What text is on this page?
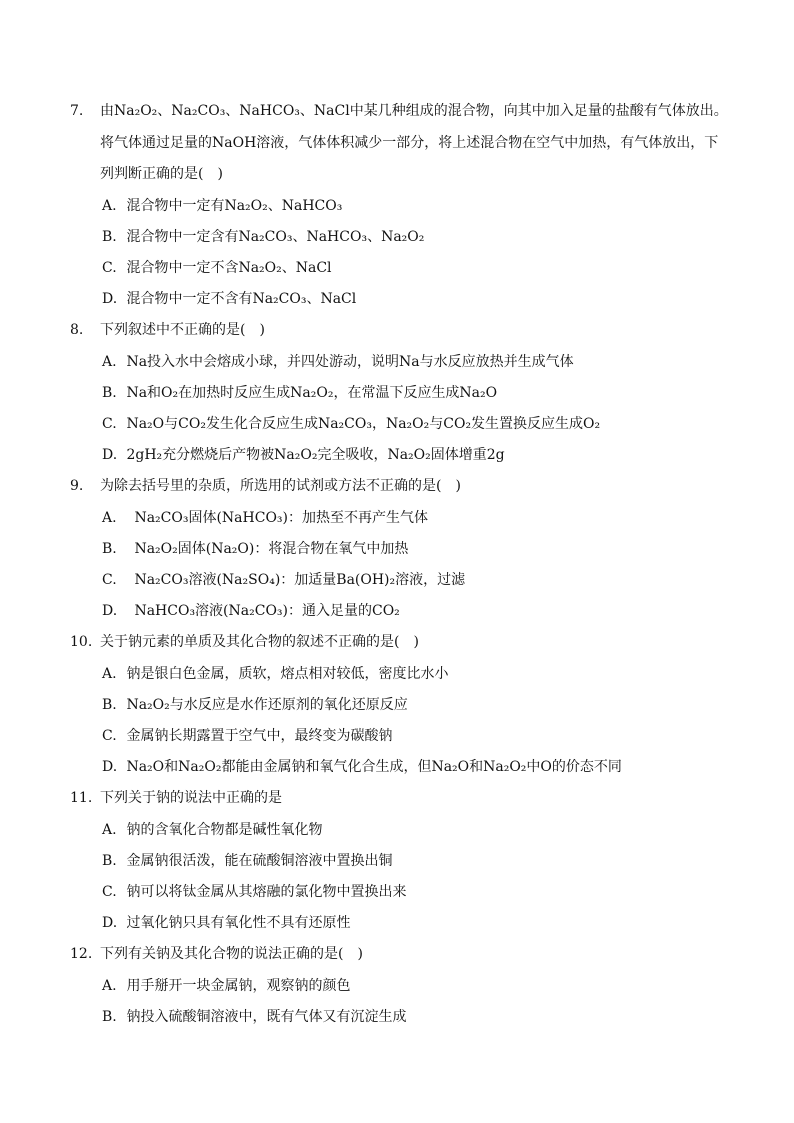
7. 由Na₂O₂、Na₂CO₃、NaHCO₃、NaCl中某几种组成的混合物，向其中加入足量的盐酸有气体放出。将气体通过足量的NaOH溶液，气体体积减少一部分，将上述混合物在空气中加热，有气体放出，下列判断正确的是(　)
A. 混合物中一定有Na₂O₂、NaHCO₃
B. 混合物中一定含有Na₂CO₃、NaHCO₃、Na₂O₂
C. 混合物中一定不含Na₂O₂、NaCl
D. 混合物中一定不含有Na₂CO₃、NaCl
8. 下列叙述中不正确的是(　)
A. Na投入水中会熔成小球，并四处游动，说明Na与水反应放热并生成气体
B. Na和O₂在加热时反应生成Na₂O₂，在常温下反应生成Na₂O
C. Na₂O与CO₂发生化合反应生成Na₂CO₃，Na₂O₂与CO₂发生置换反应生成O₂
D. 2gH₂充分燃烧后产物被Na₂O₂完全吸收，Na₂O₂固体增重2g
9. 为除去括号里的杂质，所选用的试剂或方法不正确的是(　)
A. Na₂CO₃固体(NaHCO₃)：加热至不再产生气体
B. Na₂O₂固体(Na₂O)：将混合物在氧气中加热
C. Na₂CO₃溶液(Na₂SO₄)：加适量Ba(OH)₂溶液，过滤
D. NaHCO₃溶液(Na₂CO₃)：通入足量的CO₂
10. 关于钠元素的单质及其化合物的叙述不正确的是(　)
A. 钠是银白色金属，质软，熔点相对较低，密度比水小
B. Na₂O₂与水反应是水作还原剂的氧化还原反应
C. 金属钠长期露置于空气中，最终变为碳酸钠
D. Na₂O和Na₂O₂都能由金属钠和氧气化合生成，但Na₂O和Na₂O₂中O的价态不同
11. 下列关于钠的说法中正确的是
A. 钠的含氧化合物都是碱性氧化物
B. 金属钠很活泼，能在硫酸铜溶液中置换出铜
C. 钠可以将钛金属从其熔融的氯化物中置换出来
D. 过氧化钠只具有氧化性不具有还原性
12. 下列有关钠及其化合物的说法正确的是(　)
A. 用手掰开一块金属钠，观察钠的颜色
B. 钠投入硫酸铜溶液中，既有气体又有沉淀生成
